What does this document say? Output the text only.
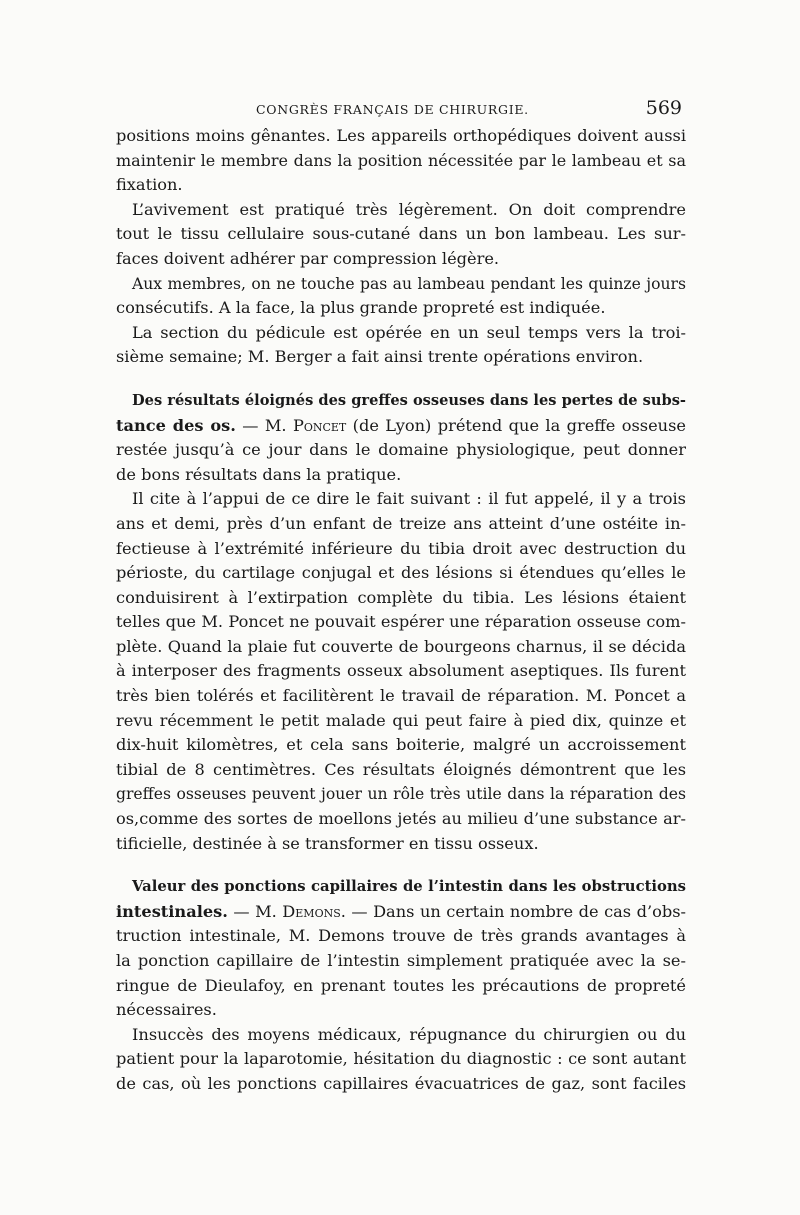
CONGRÈS FRANÇAIS DE CHIRURGIE.	569
positions moins gênantes. Les appareils orthopédiques doivent aussi
maintenir le membre dans la position nécessitée par le lambeau et sa
fixation.
L’avivement est pratiqué très légèrement. On doit comprendre
tout le tissu cellulaire sous-cutané dans un bon lambeau. Les sur-
faces doivent adhérer par compression légère.
Aux membres, on ne touche pas au lambeau pendant les quinze jours
consécutifs. A la face, la plus grande propreté est indiquée.
La section du pédicule est opérée en un seul temps vers la troi-
sième semaine; M. Berger a fait ainsi trente opérations environ.
Des résultats éloignés des greffes osseuses dans les pertes de subs-
tance des os. — M. Poncet (de Lyon) prétend que la greffe osseuse
restée jusqu’à ce jour dans le domaine physiologique, peut donner
de bons résultats dans la pratique.
Il cite à l’appui de ce dire le fait suivant : il fut appelé, il y a trois
ans et demi, près d’un enfant de treize ans atteint d’une ostéite in-
fectieuse à l’extrémité inférieure du tibia droit avec destruction du
périoste, du cartilage conjugal et des lésions si étendues qu’elles le
conduisirent à l’extirpation complète du tibia. Les lésions étaient
telles que M. Poncet ne pouvait espérer une réparation osseuse com-
plète. Quand la plaie fut couverte de bourgeons charnus, il se décida
à interposer des fragments osseux absolument aseptiques. Ils furent
très bien tolérés et facilitèrent le travail de réparation. M. Poncet a
revu récemment le petit malade qui peut faire à pied dix, quinze et
dix-huit kilomètres, et cela sans boiterie, malgré un accroissement
tibial de 8 centimètres. Ces résultats éloignés démontrent que les
greffes osseuses peuvent jouer un rôle très utile dans la réparation des
os,comme des sortes de moellons jetés au milieu d’une substance ar-
tificielle, destinée à se transformer en tissu osseux.
Valeur des ponctions capillaires de l’intestin dans les obstructions
intestinales. — M. Demons. — Dans un certain nombre de cas d’obs-
truction intestinale, M. Demons trouve de très grands avantages à
la ponction capillaire de l’intestin simplement pratiquée avec la se-
ringue de Dieulafoy, en prenant toutes les précautions de propreté
nécessaires.
Insuccès des moyens médicaux, répugnance du chirurgien ou du
patient pour la laparotomie, hésitation du diagnostic : ce sont autant
de cas, où les ponctions capillaires évacuatrices de gaz, sont faciles
